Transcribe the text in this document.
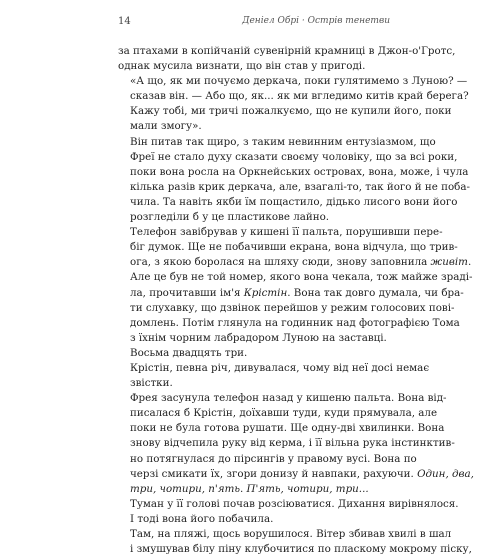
14	Деніел Обрі · Острів тенетви

за птахами в копійчаній сувенірній крамниці в Джон-о'Гротс,
однак мусила визнати, що він став у пригоді.

«А що, як ми почуємо деркача, поки гулятимемо з Луною? —
сказав він. — Або що, як... як ми вгледимо китів край берега?
Кажу тобі, ми тричі пожалкуємо, що не купили його, поки
мали змогу».

Він питав так щиро, з таким невинним ентузіазмом, що
Фреї не стало духу сказати своєму чоловіку, що за всі роки,
поки вона росла на Оркнейських островах, вона, може, і чула
кілька разів крик деркача, але, взагалі-то, так його й не поба-
чила. Та навіть якби їм пощастило, дідько лисого вони його
розгледіли б у це пластикове лайно.

Телефон завібрував у кишені її пальта, порушивши пере-
біг думок. Ще не побачивши екрана, вона відчула, що трив-
ога, з якою боролася на шляху сюди, знову заповнила живіт.
Але це був не той номер, якого вона чекала, тож майже зраді-
ла, прочитавши ім'я Крістін. Вона так довго думала, чи бра-
ти слухавку, що дзвінок перейшов у режим голосових пові-
домлень. Потім глянула на годинник над фотографією Тома
з їхнім чорним лабрадором Луною на заставці.

Восьма двадцять три.

Крістін, певна річ, дивувалася, чому від неї досі немає
звістки.

Фрея засунула телефон назад у кишеню пальта. Вона від-
писалася б Крістін, доїхавши туди, куди прямувала, але
поки не була готова рушати. Ще одну-дві хвилинки. Вона
знову відчепила руку від керма, і її вільна рука інстинктив-
но потягнулася до пірсингів у правому вусі. Вона по
черзі смикати їх, згори донизу й навпаки, рахуючи. Один, два,
три, чотири, п'ять. П'ять, чотири, три...

Туман у її голові почав розсіюватися. Дихання вирівнялося.

І тоді вона його побачила.

Там, на пляжі, щось ворушилося. Вітер збивав хвилі в шал
і змушував білу піну клубочитися по пласкому мокрому піску,
